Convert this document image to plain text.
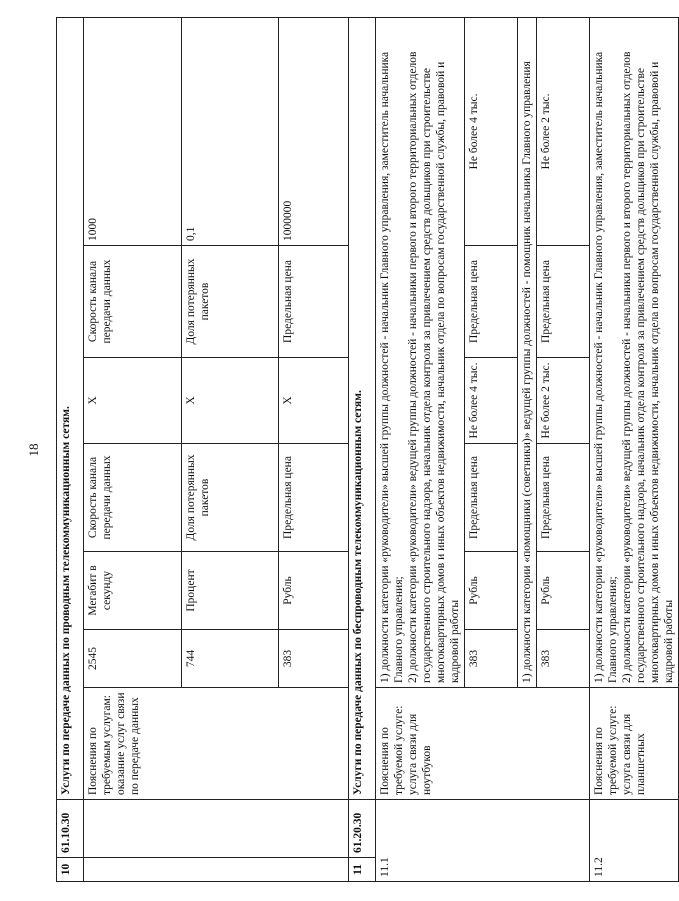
18
10	61.10.30	Услуги по передаче данных по проводным телекоммуникационным сетям.						
		Пояснения по требуемым услугам: оказание услуг связи по передаче данных	2545	Мегабит в секунду	Скорость канала передачи данных	X	Скорость канала передачи данных	1000
			744	Процент	Доля потерянных пакетов	X	Доля потерянных пакетов	0,1
			383	Рубль	Предельная цена	X	Предельная цена	1000000
11	61.20.30	Услуги по передаче данных по беспроводным телекоммуникационным сетям.						
11.1		Пояснения по требуемой услуге: услуга связи для ноутбуков	1) должности категории «руководители» высшей группы должностей - начальник Главного управления, заместитель начальника Главного управления;
2) должности категории «руководители» ведущей группы должностей - начальники первого и второго территориальных отделов государственного строительного надзора, начальник отдела контроля за привлечением средств дольщиков при строительстве многоквартирных домов и иных объектов недвижимости, начальник отдела по вопросам государственной службы, правовой и кадровой работы					
			383	Рубль	Предельная цена	Не более 4 тыс.	Предельная цена	Не более 4 тыс.
			1) должности категории «помощники (советники)» ведущей группы должностей - помощник начальника Главного управления					
			383	Рубль	Предельная цена	Не более 2 тыс.	Предельная цена	Не более 2 тыс.
11.2		Пояснения по требуемой услуге: услуга связи для планшетных	1) должности категории «руководители» высшей группы должностей - начальник Главного управления, заместитель начальника Главного управления;
2) должности категории «руководители» ведущей группы должностей - начальники первого и второго территориальных отделов государственного строительного надзора, начальник отдела контроля за привлечением средств дольщиков при строительстве многоквартирных домов и иных объектов недвижимости, начальник отдела по вопросам государственной службы, правовой и кадровой работы					
